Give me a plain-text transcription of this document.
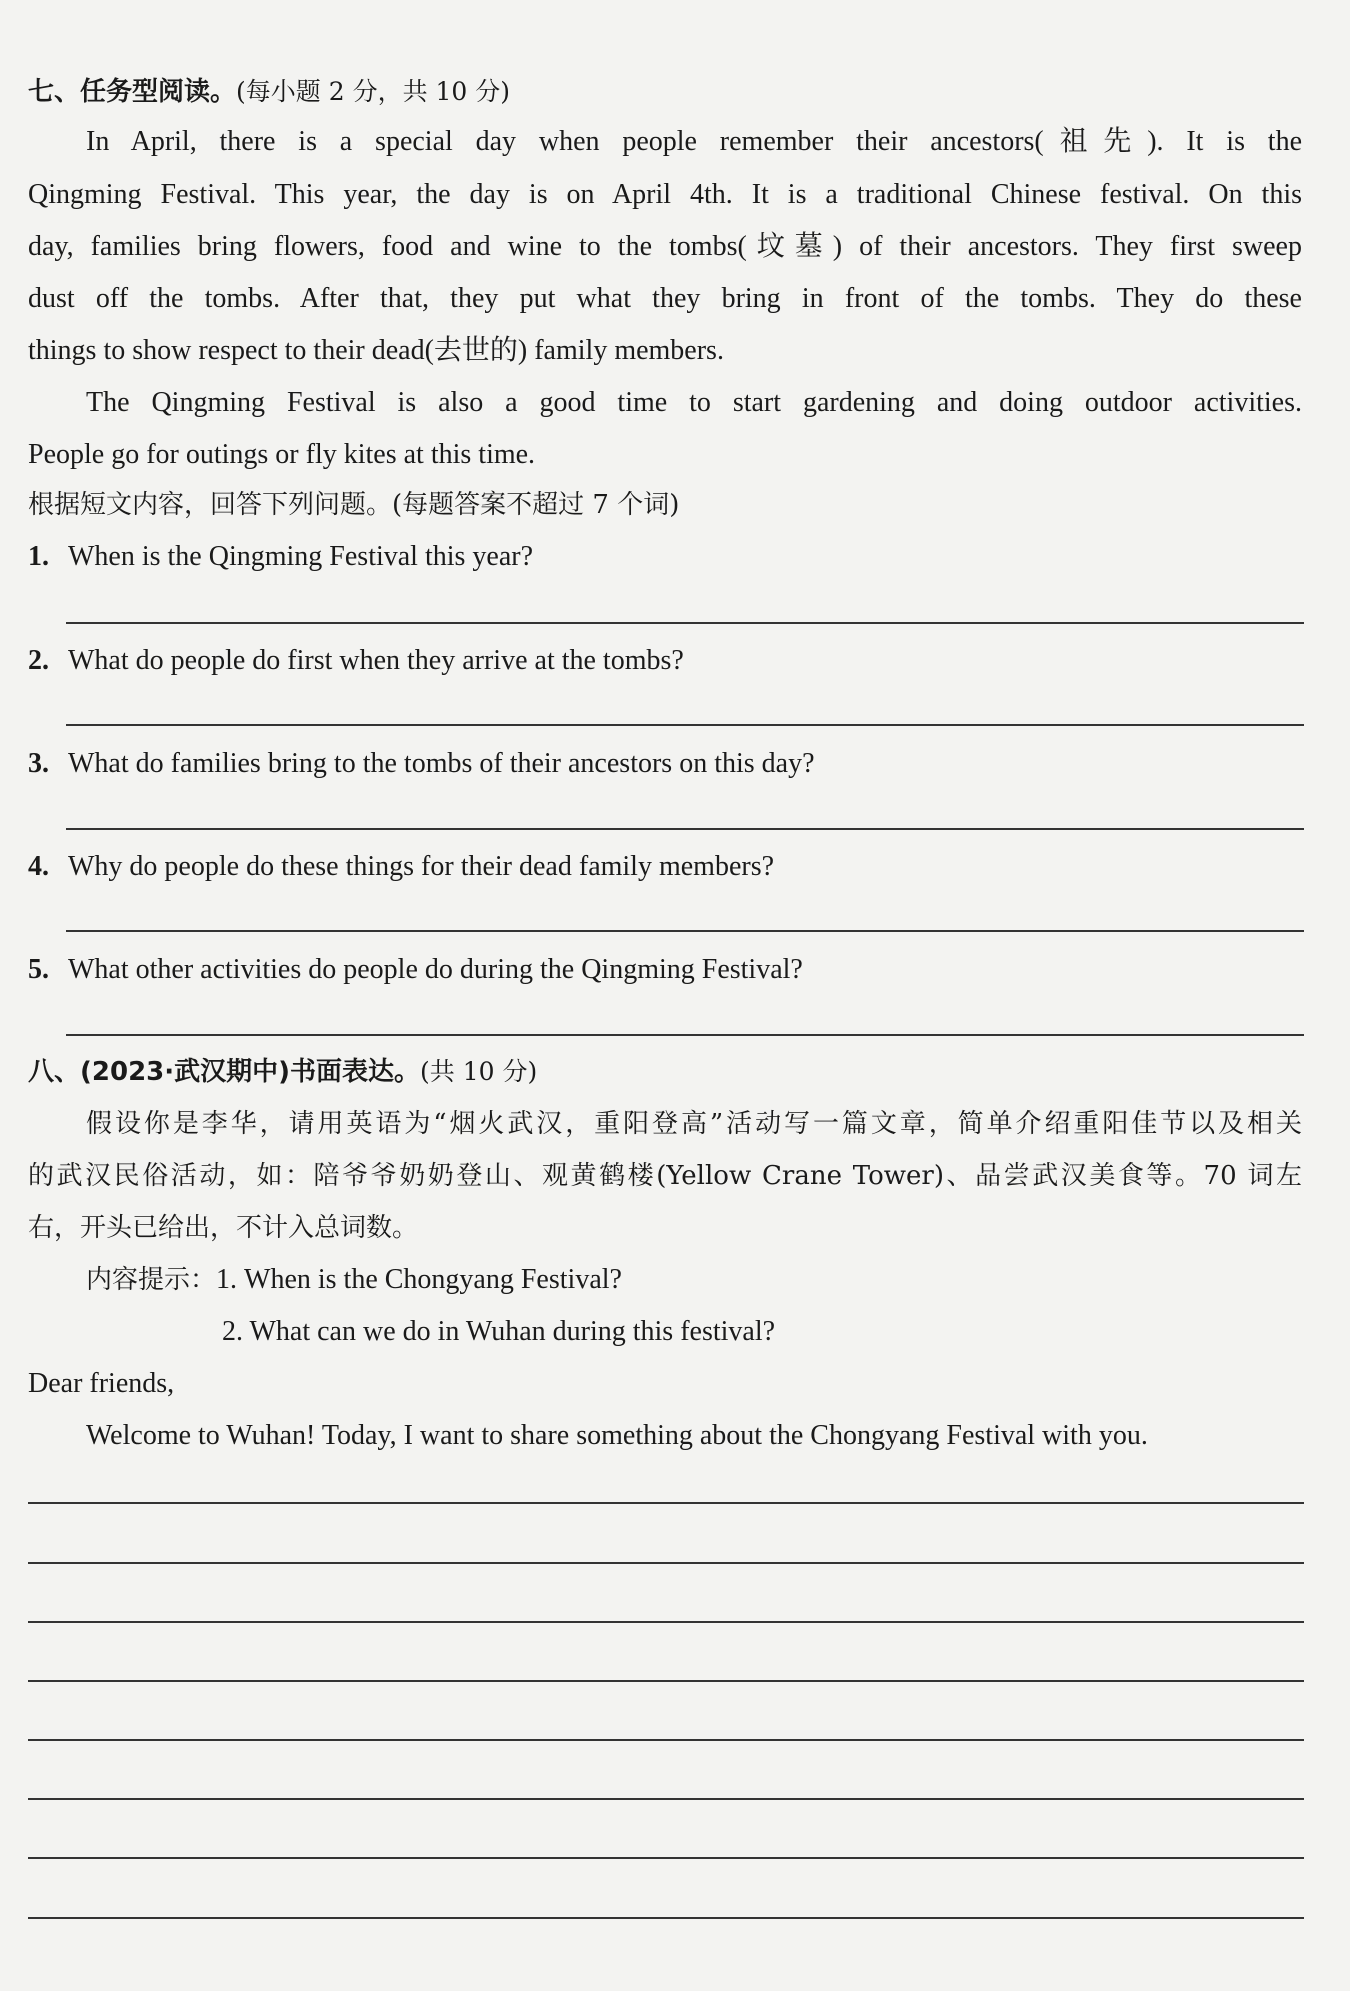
七、任务型阅读。(每小题 2 分，共 10 分)
In April, there is a special day when people remember their ancestors(祖先). It is the
Qingming Festival. This year, the day is on April 4th. It is a traditional Chinese festival. On this
day, families bring flowers, food and wine to the tombs(坟墓) of their ancestors. They first sweep
dust off the tombs. After that, they put what they bring in front of the tombs. They do these
things to show respect to their dead(去世的) family members.
The Qingming Festival is also a good time to start gardening and doing outdoor activities.
People go for outings or fly kites at this time.
根据短文内容，回答下列问题。(每题答案不超过 7 个词)
1. When is the Qingming Festival this year?
2. What do people do first when they arrive at the tombs?
3. What do families bring to the tombs of their ancestors on this day?
4. Why do people do these things for their dead family members?
5. What other activities do people do during the Qingming Festival?
八、(2023·武汉期中)书面表达。(共 10 分)
假设你是李华，请用英语为“烟火武汉，重阳登高”活动写一篇文章，简单介绍重阳佳节以及相关
的武汉民俗活动，如：陪爷爷奶奶登山、观黄鹤楼(Yellow Crane Tower)、品尝武汉美食等。70 词左
右，开头已给出，不计入总词数。
内容提示：1. When is the Chongyang Festival?
2. What can we do in Wuhan during this festival?
Dear friends,
Welcome to Wuhan! Today, I want to share something about the Chongyang Festival with you.
